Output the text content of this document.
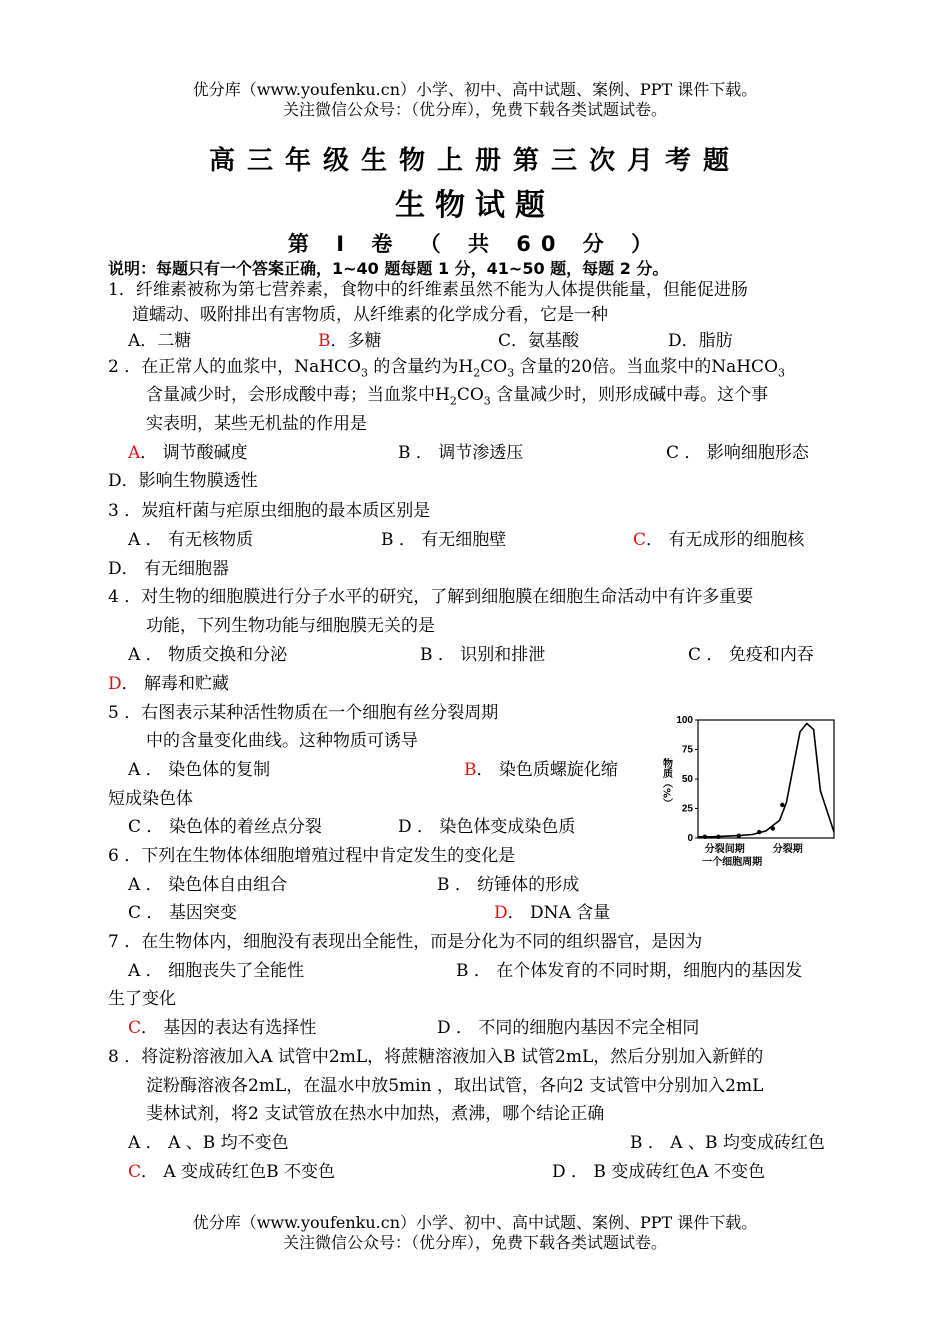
优分库（www.youfenku.cn）小学、初中、高中试题、案例、PPT 课件下载。
关注微信公众号：（优分库），免费下载各类试题试卷。
高三年级生物上册第三次月考题
生物试题
第 Ⅰ 卷 （ 共 60 分 ）
说明：每题只有一个答案正确，1~40 题每题 1 分，41~50 题，每题 2 分。
1．纤维素被称为第七营养素，食物中的纤维素虽然不能为人体提供能量，但能促进肠
道蠕动、吸附排出有害物质，从纤维素的化学成分看，它是一种
A．二糖	B．多糖	C．氨基酸	D．脂肪
2 ．在正常人的血浆中，NaHCO$_3$ 的含量约为$H_2CO_3$ 含量的20倍。当血浆中的NaHCO$_3$
含量减少时，会形成酸中毒；当血浆中$H_2CO_3$ 含量减少时，则形成碱中毒。这个事
实表明，某些无机盐的作用是
A． 调节酸碱度	B ． 调节渗透压	C ． 影响细胞形态
D．影响生物膜透性
3 ．炭疽杆菌与疟原虫细胞的最本质区别是
A ． 有无核物质	B ． 有无细胞壁	C． 有无成形的细胞核
D． 有无细胞器
4 ．对生物的细胞膜进行分子水平的研究，了解到细胞膜在细胞生命活动中有许多重要
功能，下列生物功能与细胞膜无关的是
A ． 物质交换和分泌	B ． 识别和排泄	C ． 免疫和内吞
D． 解毒和贮藏
5 ．右图表示某种活性物质在一个细胞有丝分裂周期
中的含量变化曲线。这种物质可诱导
A ． 染色体的复制	B． 染色质螺旋化缩
短成染色体
C ． 染色体的着丝点分裂	D ． 染色体变成染色质
100
75
50
25
0
物质（%）
分裂间期	分裂期
一个细胞周期
6 ．下列在生物体体细胞增殖过程中肯定发生的变化是
A ． 染色体自由组合	B ． 纺锤体的形成
C ． 基因突变	D． DNA 含量
7 ．在生物体内，细胞没有表现出全能性，而是分化为不同的组织器官，是因为
A ． 细胞丧失了全能性	B ． 在个体发育的不同时期，细胞内的基因发
生了变化
C． 基因的表达有选择性	D ． 不同的细胞内基因不完全相同
8 ．将淀粉溶液加入A 试管中2mL，将蔗糖溶液加入B 试管2mL，然后分别加入新鲜的
淀粉酶溶液各2mL，在温水中放5min ，取出试管，各向2 支试管中分别加入2mL
斐林试剂，将2 支试管放在热水中加热，煮沸，哪个结论正确
A ． A 、B 均不变色	B ． A 、B 均变成砖红色
C． A 变成砖红色B 不变色	D ． B 变成砖红色A 不变色
优分库（www.youfenku.cn）小学、初中、高中试题、案例、PPT 课件下载。
关注微信公众号：（优分库），免费下载各类试题试卷。
